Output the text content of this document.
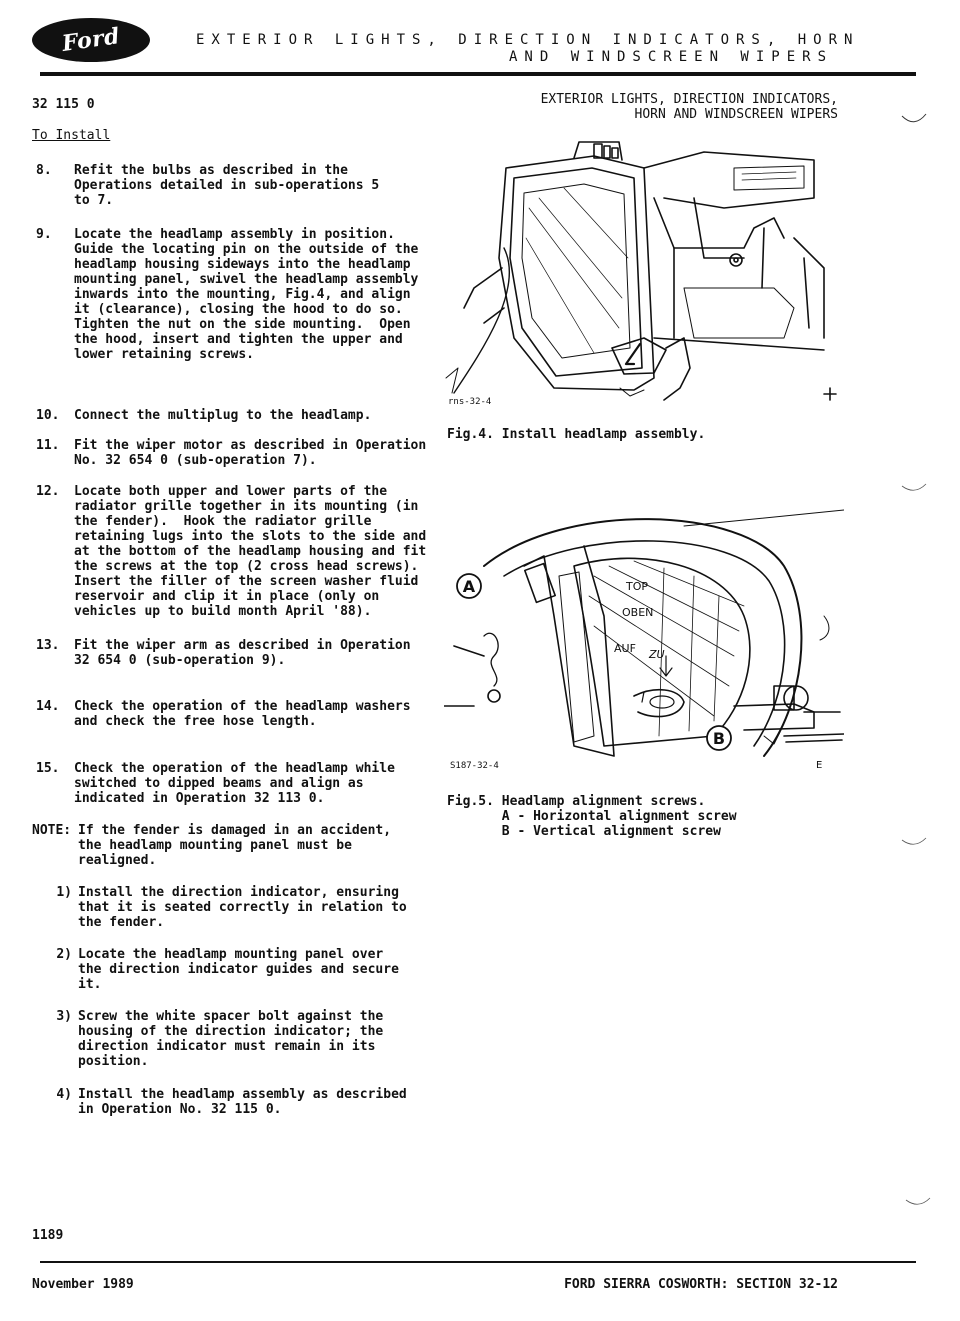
Ford	EXTERIOR LIGHTS, DIRECTION INDICATORS, HORN
AND WINDSCREEN WIPERS
32 115 0
To Install
EXTERIOR LIGHTS, DIRECTION INDICATORS,
HORN AND WINDSCREEN WIPERS
8.	Refit the bulbs as described in the
Operations detailed in sub-operations 5
to 7.
9.	Locate the headlamp assembly in position.
Guide the locating pin on the outside of the
headlamp housing sideways into the headlamp
mounting panel, swivel the headlamp assembly
inwards into the mounting, Fig.4, and align
it (clearance), closing the hood to do so.
Tighten the nut on the side mounting.  Open
the hood, insert and tighten the upper and
lower retaining screws.
10.	Connect the multiplug to the headlamp.
11.	Fit the wiper motor as described in Operation
No. 32 654 0 (sub-operation 7).
12.	Locate both upper and lower parts of the
radiator grille together in its mounting (in
the fender).  Hook the radiator grille
retaining lugs into the slots to the side and
at the bottom of the headlamp housing and fit
the screws at the top (2 cross head screws).
Insert the filler of the screen washer fluid
reservoir and clip it in place (only on
vehicles up to build month April '88).
13.	Fit the wiper arm as described in Operation
32 654 0 (sub-operation 9).
14.	Check the operation of the headlamp washers
and check the free hose length.
15.	Check the operation of the headlamp while
switched to dipped beams and align as
indicated in Operation 32 113 0.
NOTE: If the fender is damaged in an accident,
the headlamp mounting panel must be
realigned.
1) Install the direction indicator, ensuring
that it is seated correctly in relation to
the fender.
2) Locate the headlamp mounting panel over
the direction indicator guides and secure
it.
3) Screw the white spacer bolt against the
housing of the direction indicator; the
direction indicator must remain in its
position.
4) Install the headlamp assembly as described
in Operation No. 32 115 0.
rns-32-4
Fig.4. Install headlamp assembly.
A
B
TOP
OBEN
AUF ZU
E
S187-32-4
Fig.5. Headlamp alignment screws.
A - Horizontal alignment screw
B - Vertical alignment screw
1189
November 1989	FORD SIERRA COSWORTH: SECTION 32-12
